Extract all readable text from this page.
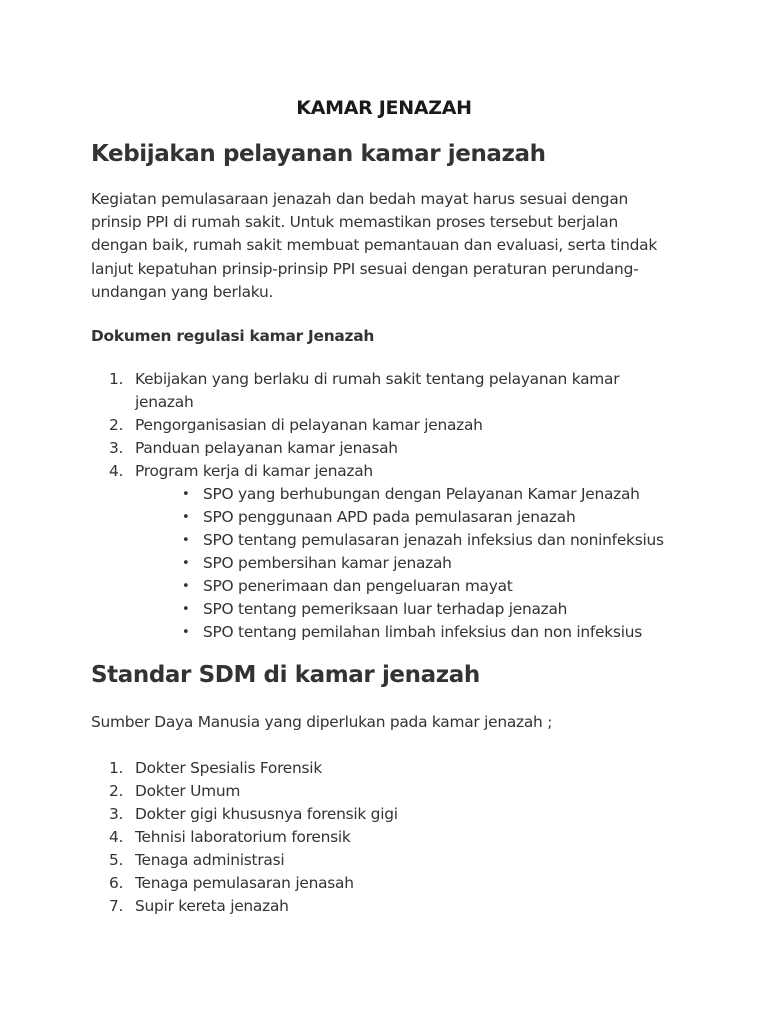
KAMAR JENAZAH
Kebijakan pelayanan kamar jenazah

Kegiatan pemulasaraan jenazah dan bedah mayat harus sesuai dengan prinsip PPI di rumah sakit. Untuk memastikan proses tersebut berjalan dengan baik, rumah sakit membuat pemantauan dan evaluasi, serta tindak lanjut kepatuhan prinsip-prinsip PPI sesuai dengan peraturan perundang-undangan yang berlaku.

Dokumen regulasi kamar Jenazah
1. Kebijakan yang berlaku di rumah sakit tentang pelayanan kamar jenazah
2. Pengorganisasian di pelayanan kamar jenazah
3. Panduan pelayanan kamar jenasah
4. Program kerja di kamar jenazah
• SPO yang berhubungan dengan Pelayanan Kamar Jenazah
• SPO penggunaan APD pada pemulasaran jenazah
• SPO tentang pemulasaran jenazah infeksius dan noninfeksius
• SPO pembersihan kamar jenazah
• SPO penerimaan dan pengeluaran mayat
• SPO tentang pemeriksaan luar terhadap jenazah
• SPO tentang pemilahan limbah infeksius dan non infeksius
Standar SDM di kamar jenazah

Sumber Daya Manusia yang diperlukan pada kamar jenazah ;

1. Dokter Spesialis Forensik
2. Dokter Umum
3. Dokter gigi khususnya forensik gigi
4. Tehnisi laboratorium forensik
5. Tenaga administrasi
6. Tenaga pemulasaran jenasah
7. Supir kereta jenazah
